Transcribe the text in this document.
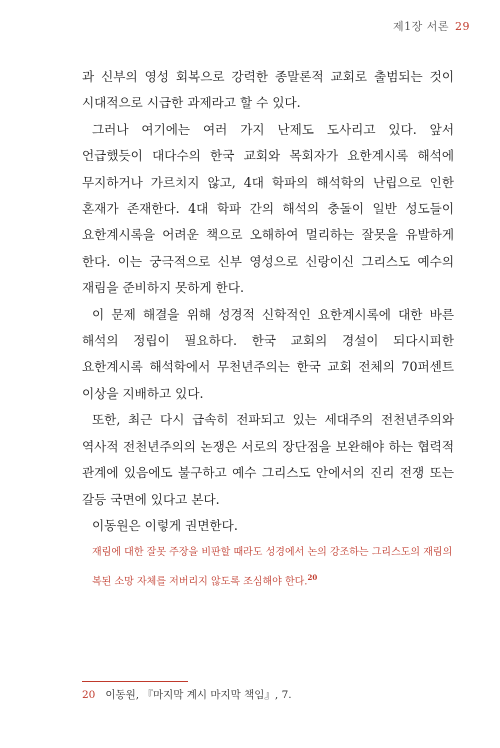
제1장 서론 29

과 신부의 영성 회복으로 강력한 종말론적 교회로 출범되는 것이 시대적으로 시급한 과제라고 할 수 있다.

그러나 여기에는 여러 가지 난제도 도사리고 있다. 앞서 언급했듯이 대다수의 한국 교회와 목회자가 요한계시록 해석에 무지하거나 가르치지 않고, 4대 학파의 해석학의 난립으로 인한 혼재가 존재한다. 4대 학파 간의 해석의 충돌이 일반 성도들이 요한계시록을 어려운 책으로 오해하여 멀리하는 잘못을 유발하게 한다. 이는 궁극적으로 신부 영성으로 신랑이신 그리스도 예수의 재림을 준비하지 못하게 한다.

이 문제 해결을 위해 성경적 신학적인 요한계시록에 대한 바른 해석의 정립이 필요하다. 한국 교회의 경설이 되다시피한 요한계시록 해석학에서 무천년주의는 한국 교회 전체의 70퍼센트 이상을 지배하고 있다.

또한, 최근 다시 급속히 전파되고 있는 세대주의 전천년주의와 역사적 전천년주의의 논쟁은 서로의 장단점을 보완해야 하는 협력적 관계에 있음에도 불구하고 예수 그리스도 안에서의 진리 전쟁 또는 갈등 국면에 있다고 본다.

이동원은 이렇게 권면한다.

재림에 대한 잘못 주장을 비판할 때라도 성경에서 논의 강조하는 그리스도의 재림의 복된 소망 자체를 저버리지 않도록 조심해야 한다.$^{20}$
20 이동원, 『마지막 계시 마지막 책임』, 7.
